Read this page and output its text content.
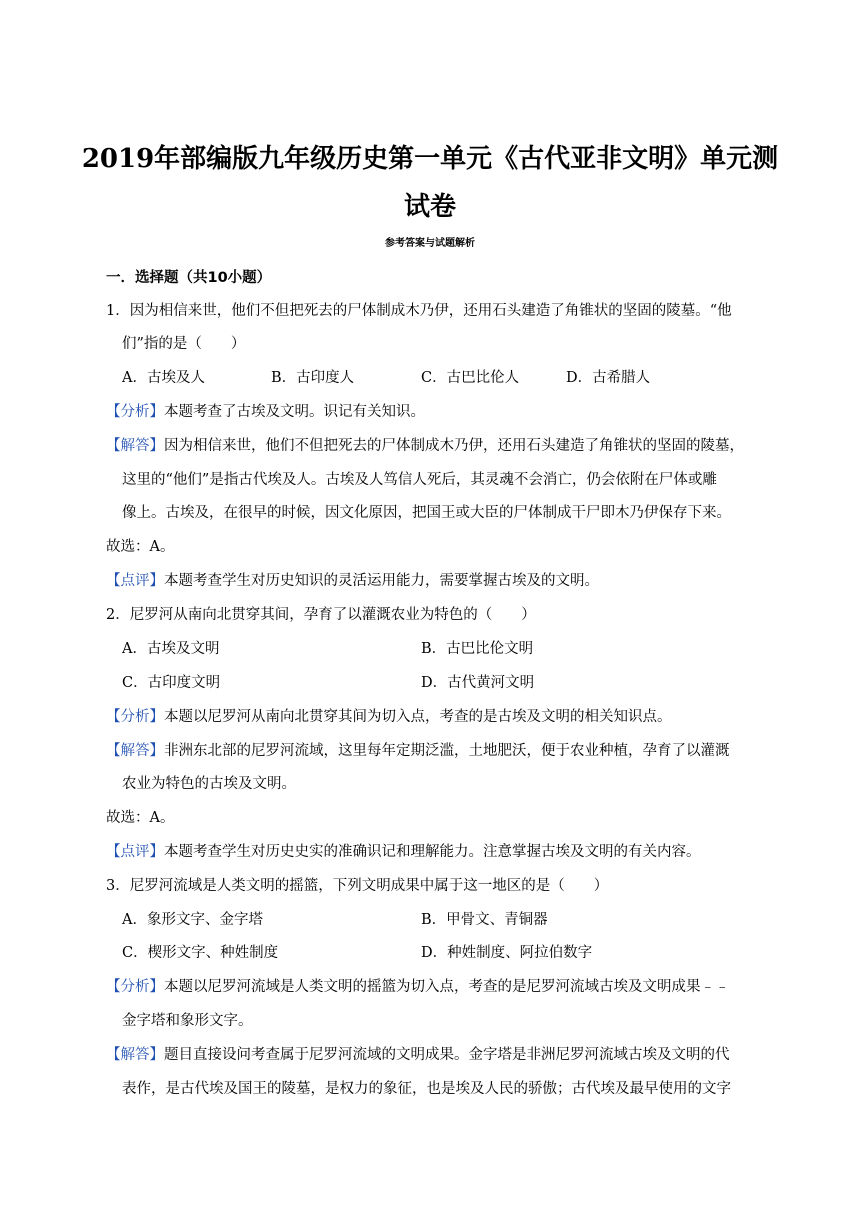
2019年部编版九年级历史第一单元《古代亚非文明》单元测
试卷
参考答案与试题解析
一．选择题（共10小题）
1．因为相信来世，他们不但把死去的尸体制成木乃伊，还用石头建造了角锥状的坚固的陵墓。“他
们”指的是（　　）
A．古埃及人	B．古印度人	C．古巴比伦人	D．古希腊人
【分析】本题考查了古埃及文明。识记有关知识。
【解答】因为相信来世，他们不但把死去的尸体制成木乃伊，还用石头建造了角锥状的坚固的陵墓，
这里的“他们”是指古代埃及人。古埃及人笃信人死后，其灵魂不会消亡，仍会依附在尸体或雕
像上。古埃及，在很早的时候，因文化原因，把国王或大臣的尸体制成干尸即木乃伊保存下来。
故选：A。
【点评】本题考查学生对历史知识的灵活运用能力，需要掌握古埃及的文明。
2．尼罗河从南向北贯穿其间，孕育了以灌溉农业为特色的（　　）
A．古埃及文明	B．古巴比伦文明
C．古印度文明	D．古代黄河文明
【分析】本题以尼罗河从南向北贯穿其间为切入点，考查的是古埃及文明的相关知识点。
【解答】非洲东北部的尼罗河流域，这里每年定期泛滥，土地肥沃，便于农业种植，孕育了以灌溉
农业为特色的古埃及文明。
故选：A。
【点评】本题考查学生对历史史实的准确识记和理解能力。注意掌握古埃及文明的有关内容。
3．尼罗河流域是人类文明的摇篮，下列文明成果中属于这一地区的是（　　）
A．象形文字、金字塔	B．甲骨文、青铜器
C．楔形文字、种姓制度	D．种姓制度、阿拉伯数字
【分析】本题以尼罗河流域是人类文明的摇篮为切入点，考查的是尼罗河流域古埃及文明成果﹣﹣
金字塔和象形文字。
【解答】题目直接设问考查属于尼罗河流域的文明成果。金字塔是非洲尼罗河流域古埃及文明的代
表作，是古代埃及国王的陵墓，是权力的象征，也是埃及人民的骄傲；古代埃及最早使用的文字
